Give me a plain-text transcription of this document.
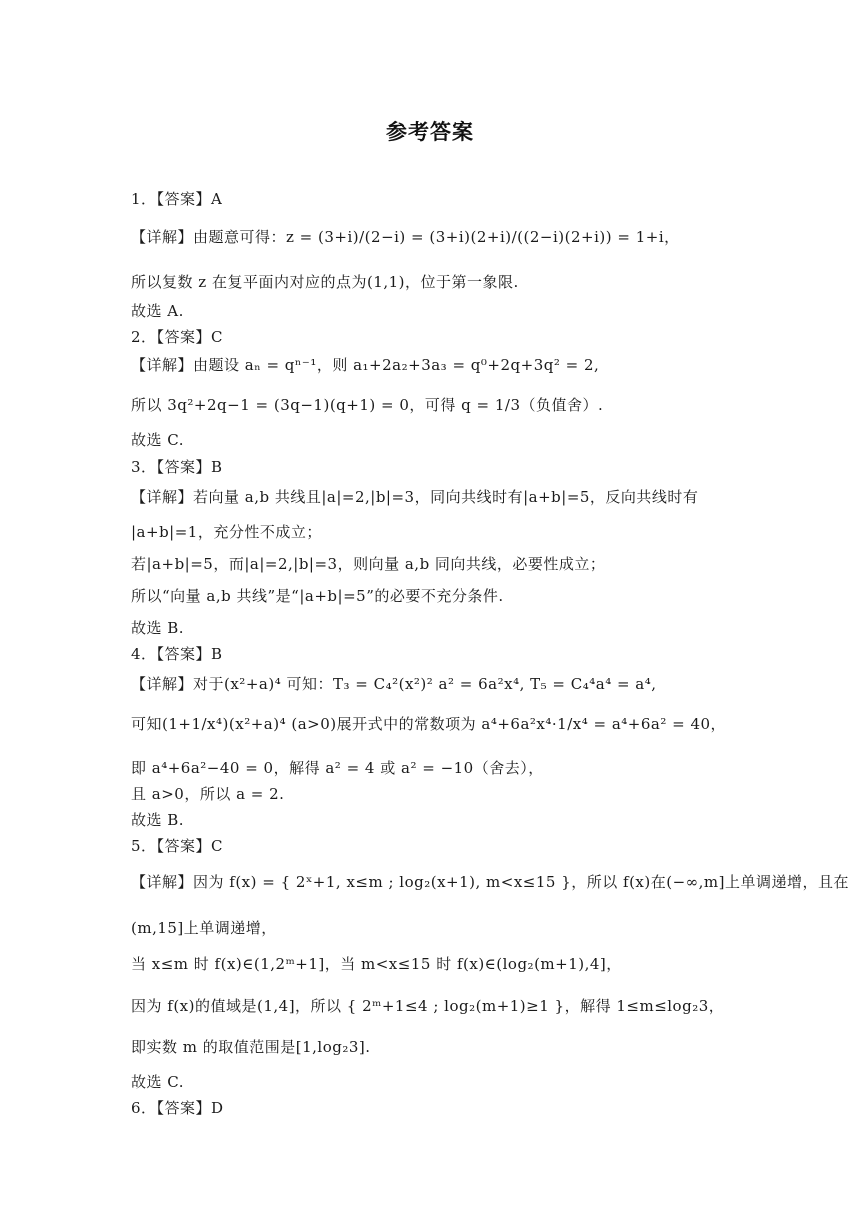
参考答案
1．【答案】A
【详解】由题意可得：z = (3+i)/(2−i) = (3+i)(2+i)/((2−i)(2+i)) = 1+i，
所以复数 z 在复平面内对应的点为(1,1)，位于第一象限.
故选 A.
2．【答案】C
【详解】由题设 aₙ = qⁿ⁻¹，则 a₁+2a₂+3a₃ = q⁰+2q+3q² = 2,
所以 3q²+2q−1 = (3q−1)(q+1) = 0，可得 q = 1/3（负值舍）.
故选 C.
3．【答案】B
【详解】若向量 a,b 共线且|a|=2,|b|=3，同向共线时有|a+b|=5，反向共线时有
|a+b|=1，充分性不成立；
若|a+b|=5，而|a|=2,|b|=3，则向量 a,b 同向共线，必要性成立；
所以“向量 a,b 共线”是“|a+b|=5”的必要不充分条件.
故选 B.
4．【答案】B
【详解】对于(x²+a)⁴ 可知：T₃ = C₄²(x²)² a² = 6a²x⁴, T₅ = C₄⁴a⁴ = a⁴,
可知(1+1/x⁴)(x²+a)⁴ (a>0)展开式中的常数项为 a⁴+6a²x⁴·1/x⁴ = a⁴+6a² = 40，
即 a⁴+6a²−40 = 0，解得 a² = 4 或 a² = −10（舍去），
且 a>0，所以 a = 2.
故选 B.
5．【答案】C
【详解】因为 f(x) = { 2ˣ+1, x≤m ; log₂(x+1), m<x≤15 }，所以 f(x)在(−∞,m]上单调递增，且在
(m,15]上单调递增，
当 x≤m 时 f(x)∈(1,2ᵐ+1]，当 m<x≤15 时 f(x)∈(log₂(m+1),4]，
因为 f(x)的值域是(1,4]，所以 { 2ᵐ+1≤4 ; log₂(m+1)≥1 }，解得 1≤m≤log₂3，
即实数 m 的取值范围是[1,log₂3].
故选 C.
6．【答案】D
